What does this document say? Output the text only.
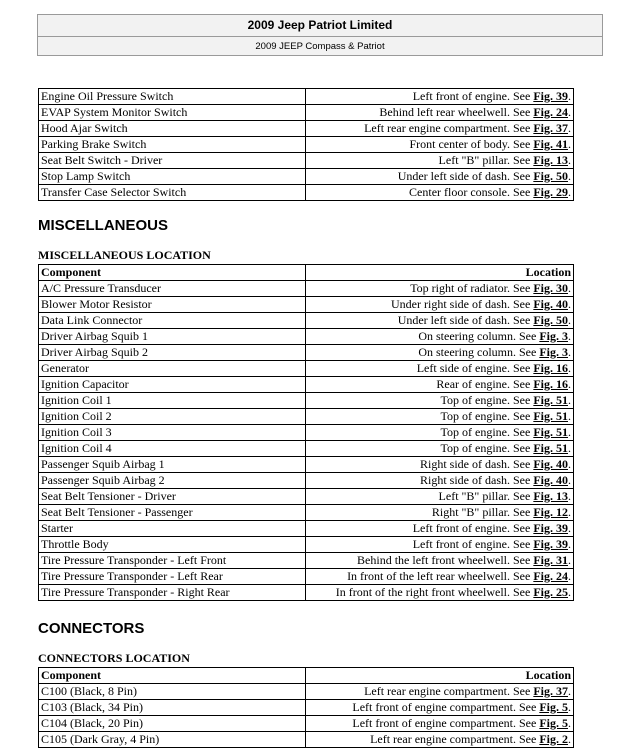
2009 Jeep Patriot Limited
2009 JEEP Compass & Patriot
Engine Oil Pressure Switch	Left front of engine. See Fig. 39.
EVAP System Monitor Switch	Behind left rear wheelwell. See Fig. 24.
Hood Ajar Switch	Left rear engine compartment. See Fig. 37.
Parking Brake Switch	Front center of body. See Fig. 41.
Seat Belt Switch - Driver	Left "B" pillar. See Fig. 13.
Stop Lamp Switch	Under left side of dash. See Fig. 50.
Transfer Case Selector Switch	Center floor console. See Fig. 29.
MISCELLANEOUS
MISCELLANEOUS LOCATION
Component	Location
A/C Pressure Transducer	Top right of radiator. See Fig. 30.
Blower Motor Resistor	Under right side of dash. See Fig. 40.
Data Link Connector	Under left side of dash. See Fig. 50.
Driver Airbag Squib 1	On steering column. See Fig. 3.
Driver Airbag Squib 2	On steering column. See Fig. 3.
Generator	Left side of engine. See Fig. 16.
Ignition Capacitor	Rear of engine. See Fig. 16.
Ignition Coil 1	Top of engine. See Fig. 51.
Ignition Coil 2	Top of engine. See Fig. 51.
Ignition Coil 3	Top of engine. See Fig. 51.
Ignition Coil 4	Top of engine. See Fig. 51.
Passenger Squib Airbag 1	Right side of dash. See Fig. 40.
Passenger Squib Airbag 2	Right side of dash. See Fig. 40.
Seat Belt Tensioner - Driver	Left "B" pillar. See Fig. 13.
Seat Belt Tensioner - Passenger	Right "B" pillar. See Fig. 12.
Starter	Left front of engine. See Fig. 39.
Throttle Body	Left front of engine. See Fig. 39.
Tire Pressure Transponder - Left Front	Behind the left front wheelwell. See Fig. 31.
Tire Pressure Transponder - Left Rear	In front of the left rear wheelwell. See Fig. 24.
Tire Pressure Transponder - Right Rear	In front of the right front wheelwell. See Fig. 25.
CONNECTORS
CONNECTORS LOCATION
Component	Location
C100 (Black, 8 Pin)	Left rear engine compartment. See Fig. 37.
C103 (Black, 34 Pin)	Left front of engine compartment. See Fig. 5.
C104 (Black, 20 Pin)	Left front of engine compartment. See Fig. 5.
C105 (Dark Gray, 4 Pin)	Left rear engine compartment. See Fig. 2.
